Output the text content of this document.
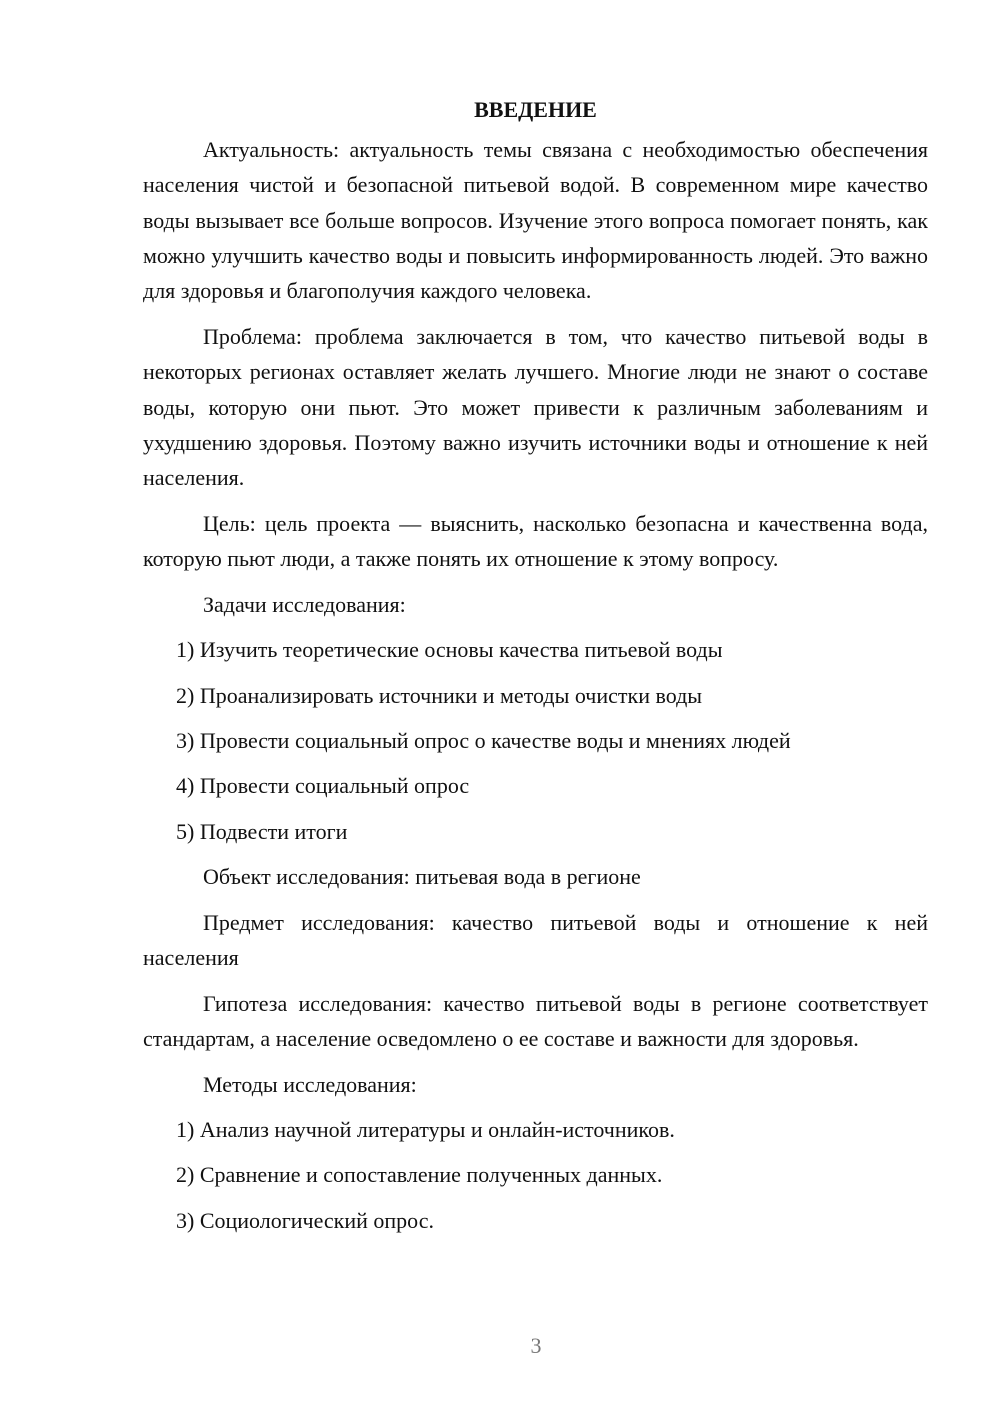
ВВЕДЕНИЕ

Актуальность: актуальность темы связана с необходимостью обеспечения населения чистой и безопасной питьевой водой. В современном мире качество воды вызывает все больше вопросов. Изучение этого вопроса помогает понять, как можно улучшить качество воды и повысить информированность людей. Это важно для здоровья и благополучия каждого человека.

Проблема: проблема заключается в том, что качество питьевой воды в некоторых регионах оставляет желать лучшего. Многие люди не знают о составе воды, которую они пьют. Это может привести к различным заболеваниям и ухудшению здоровья. Поэтому важно изучить источники воды и отношение к ней населения.

Цель: цель проекта — выяснить, насколько безопасна и качественна вода, которую пьют люди, а также понять их отношение к этому вопросу.

Задачи исследования:
1) Изучить теоретические основы качества питьевой воды
2) Проанализировать источники и методы очистки воды
3) Провести социальный опрос о качестве воды и мнениях людей
4) Провести социальный опрос
5) Подвести итоги

Объект исследования: питьевая вода в регионе

Предмет исследования: качество питьевой воды и отношение к ней населения

Гипотеза исследования: качество питьевой воды в регионе соответствует стандартам, а население осведомлено о ее составе и важности для здоровья.

Методы исследования:
1) Анализ научной литературы и онлайн-источников.
2) Сравнение и сопоставление полученных данных.
3) Социологический опрос.
3
